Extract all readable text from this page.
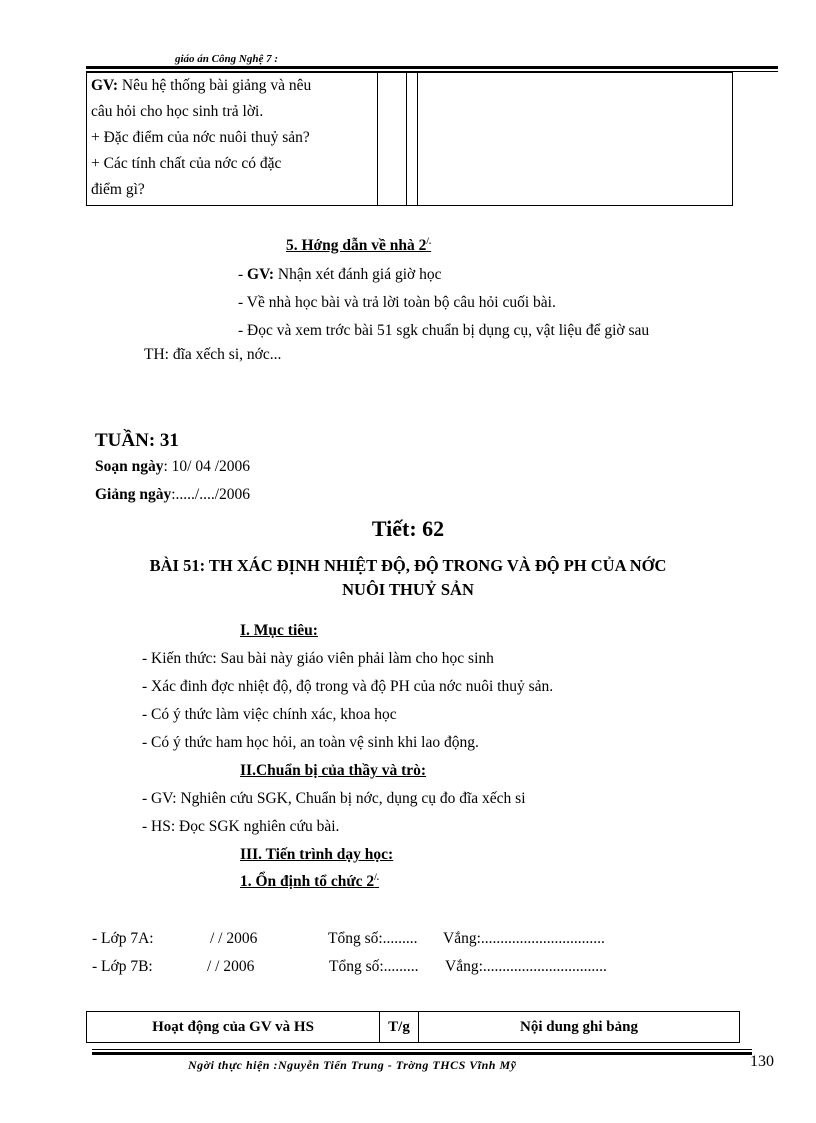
giáo án Công Nghệ 7 :
GV: Nêu hệ thống bài giảng và nêu
câu hỏi cho học sinh trả lời.
+ Đặc điểm của nớc nuôi thuỷ sản?
+ Các tính chất của nớc có đặc
điểm gì?

5. Hớng dẫn về nhà 2/.
- GV: Nhận xét đánh giá giờ học
- Về nhà học bài và trả lời toàn bộ câu hỏi cuối bài.
- Đọc và xem trớc bài 51 sgk chuẩn bị dụng cụ, vật liệu để giờ sau
TH: đĩa xếch si, nớc...
TUẦN: 31
Soạn ngày: 10/ 04 /2006
Giảng ngày:...../..../2006
Tiết: 62
BÀI 51: TH XÁC ĐỊNH NHIỆT ĐỘ, ĐỘ TRONG VÀ ĐỘ PH CỦA NỚC
NUÔI THUỶ SẢN
I. Mục tiêu:
- Kiến thức: Sau bài này giáo viên phải làm cho học sinh
- Xác đinh đợc nhiệt độ, độ trong và độ PH của nớc nuôi thuỷ sản.
- Có ý thức làm việc chính xác, khoa học
- Có ý thức ham học hỏi, an toàn vệ sinh khi lao động.
II.Chuẩn bị của thầy và trò:
- GV: Nghiên cứu SGK, Chuẩn bị nớc, dụng cụ đo đĩa xếch si
- HS: Đọc SGK nghiên cứu bài.
III. Tiến trình dạy học:
1. Ổn định tổ chức 2/.
- Lớp 7A:	/ / 2006	Tổng số:......... Vắng:................................
- Lớp 7B:	/ / 2006	Tổng số:......... Vắng:................................
Hoạt động của GV và HS	T/g	Nội dung ghi bảng
Ngời thực hiện :Nguyễn Tiến Trung - Trờng THCS Vĩnh Mỹ	130
